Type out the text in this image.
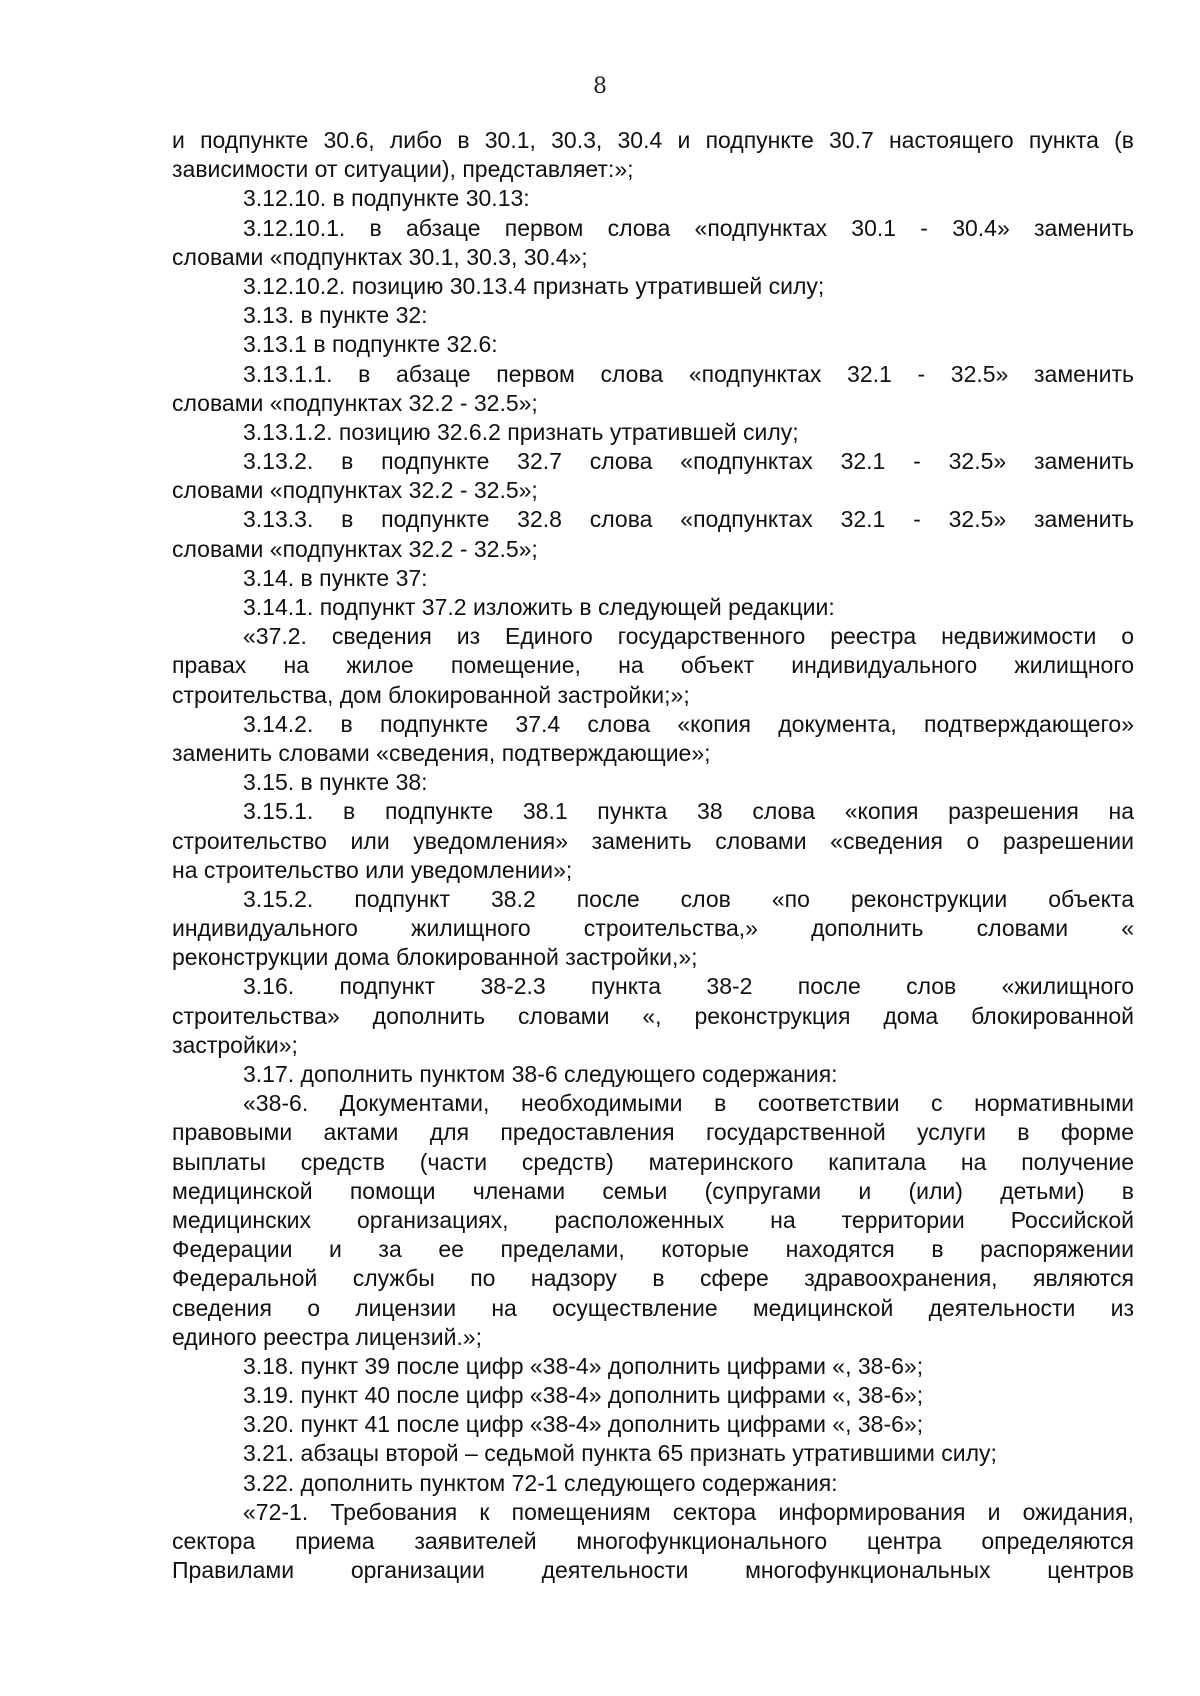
8
и подпункте 30.6, либо в 30.1, 30.3, 30.4 и подпункте 30.7 настоящего пункта (в
зависимости от ситуации), представляет:»;
3.12.10. в подпункте 30.13:
3.12.10.1. в абзаце первом слова «подпунктах 30.1 - 30.4» заменить
словами «подпунктах 30.1, 30.3, 30.4»;
3.12.10.2. позицию 30.13.4 признать утратившей силу;
3.13. в пункте 32:
3.13.1 в подпункте 32.6:
3.13.1.1. в абзаце первом слова «подпунктах 32.1 - 32.5» заменить
словами «подпунктах 32.2 - 32.5»;
3.13.1.2. позицию 32.6.2 признать утратившей силу;
3.13.2. в подпункте 32.7 слова «подпунктах 32.1 - 32.5» заменить
словами «подпунктах 32.2 - 32.5»;
3.13.3. в подпункте 32.8 слова «подпунктах 32.1 - 32.5» заменить
словами «подпунктах 32.2 - 32.5»;
3.14. в пункте 37:
3.14.1. подпункт 37.2 изложить в следующей редакции:
«37.2. сведения из Единого государственного реестра недвижимости о
правах на жилое помещение, на объект индивидуального жилищного
строительства, дом блокированной застройки;»;
3.14.2. в подпункте 37.4 слова «копия документа, подтверждающего»
заменить словами «сведения, подтверждающие»;
3.15. в пункте 38:
3.15.1. в подпункте 38.1 пункта 38 слова «копия разрешения на
строительство или уведомления» заменить словами «сведения о разрешении
на строительство или уведомлении»;
3.15.2. подпункт 38.2 после слов «по реконструкции объекта
индивидуального жилищного строительства,» дополнить словами «
реконструкции дома блокированной застройки,»;
3.16. подпункт 38-2.3 пункта 38-2 после слов «жилищного
строительства» дополнить словами «, реконструкция дома блокированной
застройки»;
3.17. дополнить пунктом 38-6 следующего содержания:
«38-6. Документами, необходимыми в соответствии с нормативными
правовыми актами для предоставления государственной услуги в форме
выплаты средств (части средств) материнского капитала на получение
медицинской помощи членами семьи (супругами и (или) детьми) в
медицинских организациях, расположенных на территории Российской
Федерации и за ее пределами, которые находятся в распоряжении
Федеральной службы по надзору в сфере здравоохранения, являются
сведения о лицензии на осуществление медицинской деятельности из
единого реестра лицензий.»;
3.18. пункт 39 после цифр «38-4» дополнить цифрами «, 38-6»;
3.19. пункт 40 после цифр «38-4» дополнить цифрами «, 38-6»;
3.20. пункт 41 после цифр «38-4» дополнить цифрами «, 38-6»;
3.21. абзацы второй – седьмой пункта 65 признать утратившими силу;
3.22. дополнить пунктом 72-1 следующего содержания:
«72-1. Требования к помещениям сектора информирования и ожидания,
сектора приема заявителей многофункционального центра определяются
Правилами организации деятельности многофункциональных центров
